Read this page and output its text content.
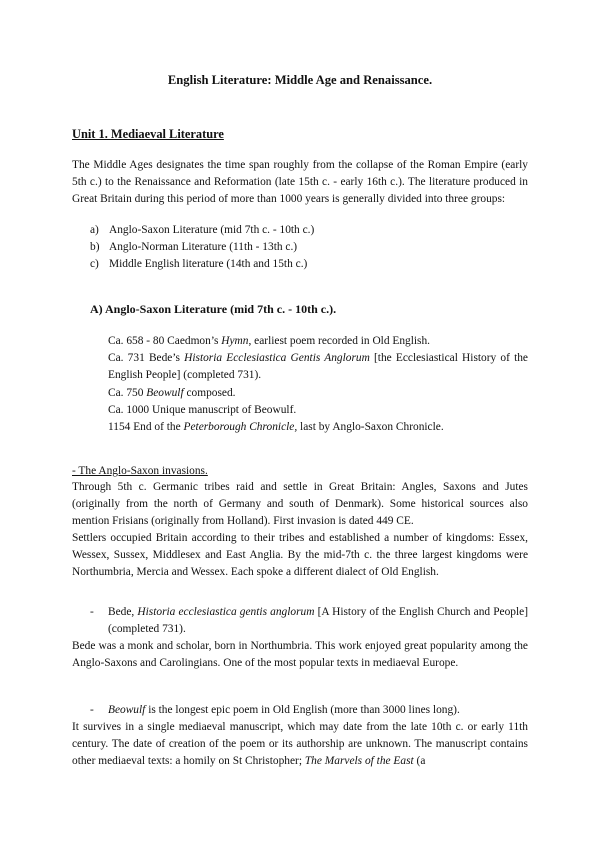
English Literature: Middle Age and Renaissance.
Unit 1. Mediaeval Literature

The Middle Ages designates the time span roughly from the collapse of the Roman Empire (early 5th c.) to the Renaissance and Reformation (late 15th c. - early 16th c.). The literature produced in Great Britain during this period of more than 1000 years is generally divided into three groups:

a) Anglo-Saxon Literature (mid 7th c. - 10th c.)
b) Anglo-Norman Literature (11th - 13th c.)
c) Middle English literature (14th and 15th c.)
A) Anglo-Saxon Literature (mid 7th c. - 10th c.).

Ca. 658 - 80 Caedmon’s Hymn, earliest poem recorded in Old English.

Ca. 731 Bede’s Historia Ecclesiastica Gentis Anglorum [the Ecclesiastical History of the English People] (completed 731).

Ca. 750 Beowulf composed.

Ca. 1000 Unique manuscript of Beowulf.

1154 End of the Peterborough Chronicle, last by Anglo-Saxon Chronicle.

- The Anglo-Saxon invasions.

Through 5th c. Germanic tribes raid and settle in Great Britain: Angles, Saxons and Jutes (originally from the north of Germany and south of Denmark). Some historical sources also mention Frisians (originally from Holland). First invasion is dated 449 CE.

Settlers occupied Britain according to their tribes and established a number of kingdoms: Essex, Wessex, Sussex, Middlesex and East Anglia. By the mid-7th c. the three largest kingdoms were Northumbria, Mercia and Wessex. Each spoke a different dialect of Old English.

-	Bede, Historia ecclesiastica gentis anglorum [A History of the English Church and People] (completed 731).

Bede was a monk and scholar, born in Northumbria. This work enjoyed great popularity among the Anglo-Saxons and Carolingians. One of the most popular texts in mediaeval Europe.

-	Beowulf is the longest epic poem in Old English (more than 3000 lines long).

It survives in a single mediaeval manuscript, which may date from the late 10th c. or early 11th century. The date of creation of the poem or its authorship are unknown. The manuscript contains other mediaeval texts: a homily on St Christopher; The Marvels of the East (a
